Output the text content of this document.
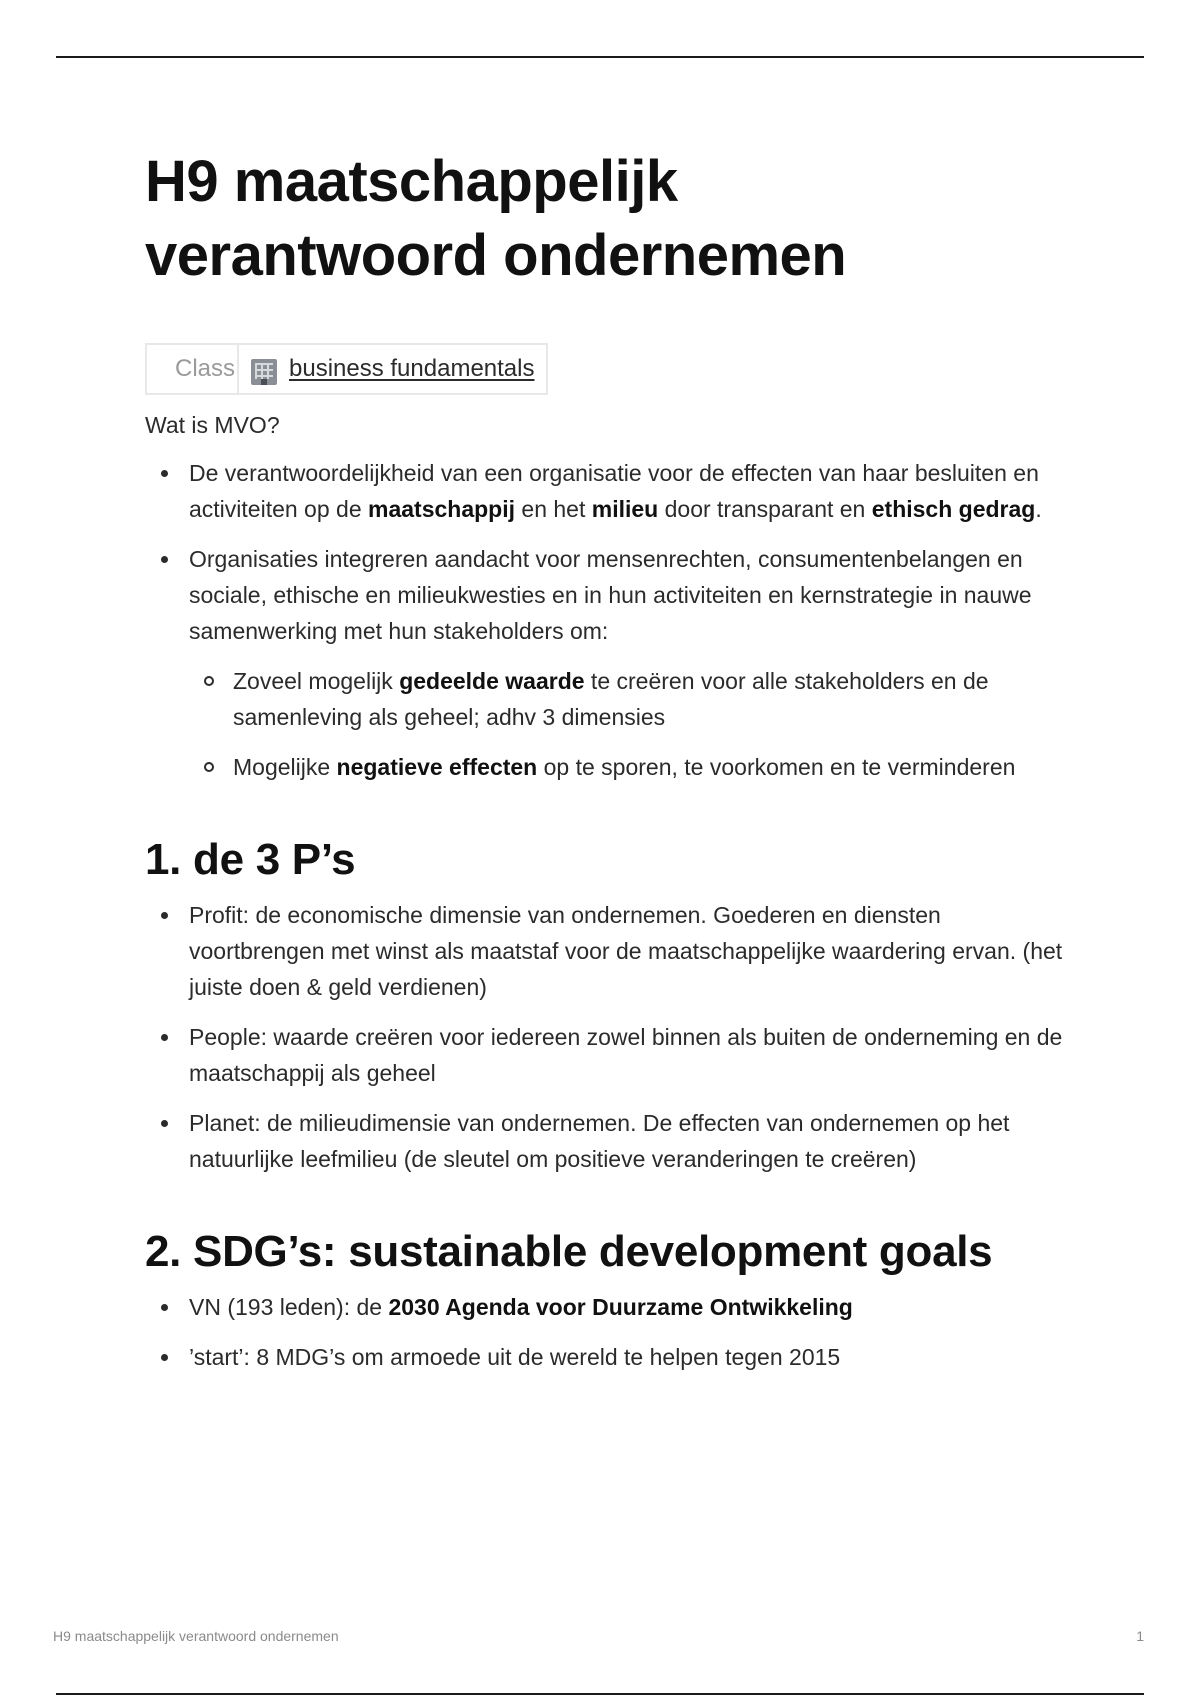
H9 maatschappelijk
verantwoord ondernemen
Class business fundamentals

Wat is MVO?

De verantwoordelijkheid van een organisatie voor de effecten van haar besluiten en activiteiten op de maatschappij en het milieu door transparant en ethisch gedrag.
Organisaties integreren aandacht voor mensenrechten, consumentenbelangen en sociale, ethische en milieukwesties en in hun activiteiten en kernstrategie in nauwe samenwerking met hun stakeholders om:
Zoveel mogelijk gedeelde waarde te creëren voor alle stakeholders en de samenleving als geheel; adhv 3 dimensies
Mogelijke negatieve effecten op te sporen, te voorkomen en te verminderen
1. de 3 P’s
Profit: de economische dimensie van ondernemen. Goederen en diensten voortbrengen met winst als maatstaf voor de maatschappelijke waardering ervan. (het juiste doen & geld verdienen)
People: waarde creëren voor iedereen zowel binnen als buiten de onderneming en de maatschappij als geheel
Planet: de milieudimensie van ondernemen. De effecten van ondernemen op het natuurlijke leefmilieu (de sleutel om positieve veranderingen te creëren)
2. SDG’s: sustainable development goals
VN (193 leden): de 2030 Agenda voor Duurzame Ontwikkeling
’start’: 8 MDG’s om armoede uit de wereld te helpen tegen 2015
H9 maatschappelijk verantwoord ondernemen	1
